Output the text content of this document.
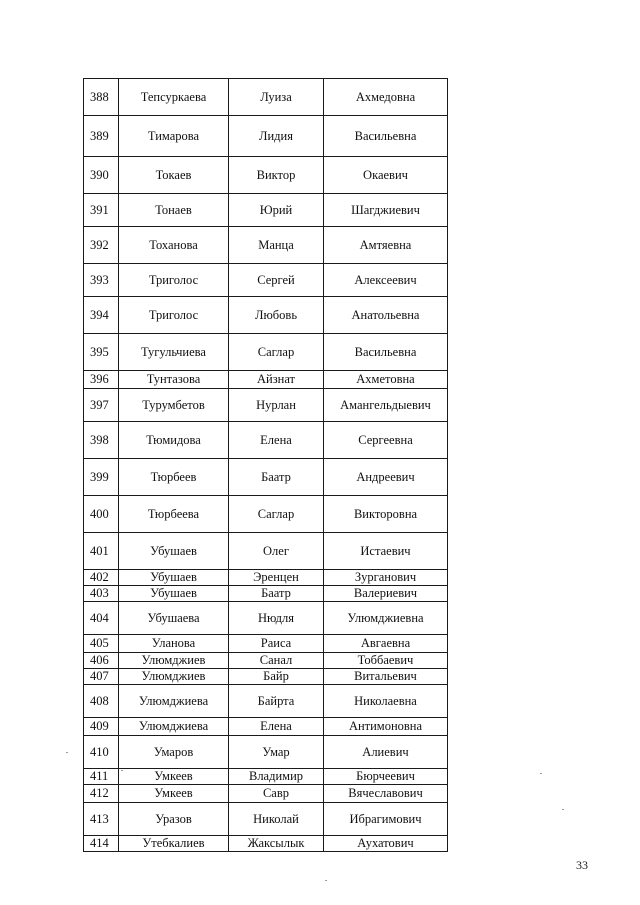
388	Тепсуркаева	Луиза	Ахмедовна
389	Тимарова	Лидия	Васильевна
390	Токаев	Виктор	Окаевич
391	Тонаев	Юрий	Шагджиевич
392	Тоханова	Манца	Амтяевна
393	Триголос	Сергей	Алексеевич
394	Триголос	Любовь	Анатольевна
395	Тугульчиева	Саглар	Васильевна
396	Тунтазова	Айзнат	Ахметовна
397	Турумбетов	Нурлан	Амангельдыевич
398	Тюмидова	Елена	Сергеевна
399	Тюрбеев	Баатр	Андреевич
400	Тюрбеева	Саглар	Викторовна
401	Убушаев	Олег	Истаевич
402	Убушаев	Эренцен	Зурганович
403	Убушаев	Баатр	Валериевич
404	Убушаева	Нюдля	Улюмджиевна
405	Уланова	Раиса	Авгаевна
406	Улюмджиев	Санал	Тоббаевич
407	Улюмджиев	Байр	Витальевич
408	Улюмджиева	Байрта	Николаевна
409	Улюмджиева	Елена	Антимоновна
410	Умаров	Умар	Алиевич
411	Умкеев	Владимир	Бюрчеевич
412	Умкеев	Савр	Вячеславович
413	Уразов	Николай	Ибрагимович
414	Утебкалиев	Жаксылык	Аухатович
33
